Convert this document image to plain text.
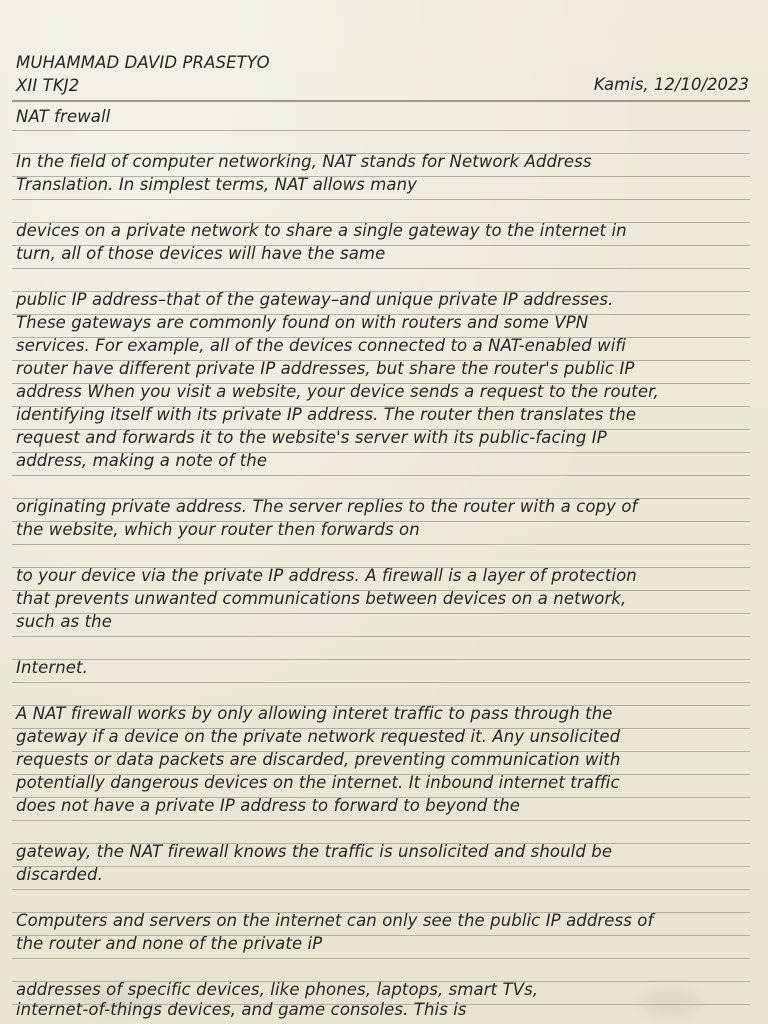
MUHAMMAD DAVID PRASETYO
XII TKJ2	Kamis, 12/10/2023
NAT frewall
In the field of computer networking, NAT stands for Network Address
Translation. In simplest terms, NAT allows many
devices on a private network to share a single gateway to the internet in
turn, all of those devices will have the same
public IP address–that of the gateway–and unique private IP addresses.
These gateways are commonly found on with routers and some VPN
services. For example, all of the devices connected to a NAT-enabled wifi
router have different private IP addresses, but share the router's public IP
address When you visit a website, your device sends a request to the router,
identifying itself with its private IP address. The router then translates the
request and forwards it to the website's server with its public-facing IP
address, making a note of the
originating private address. The server replies to the router with a copy of
the website, which your router then forwards on
to your device via the private IP address. A firewall is a layer of protection
that prevents unwanted communications between devices on a network,
such as the
Internet.
A NAT firewall works by only allowing interet traffic to pass through the
gateway if a device on the private network requested it. Any unsolicited
requests or data packets are discarded, preventing communication with
potentially dangerous devices on the internet. It inbound internet traffic
does not have a private IP address to forward to beyond the
gateway, the NAT firewall knows the traffic is unsolicited and should be
discarded.
Computers and servers on the internet can only see the public IP address of
the router and none of the private iP
addresses of specific devices, like phones, laptops, smart TVs,
internet-of-things devices, and game consoles. This is
